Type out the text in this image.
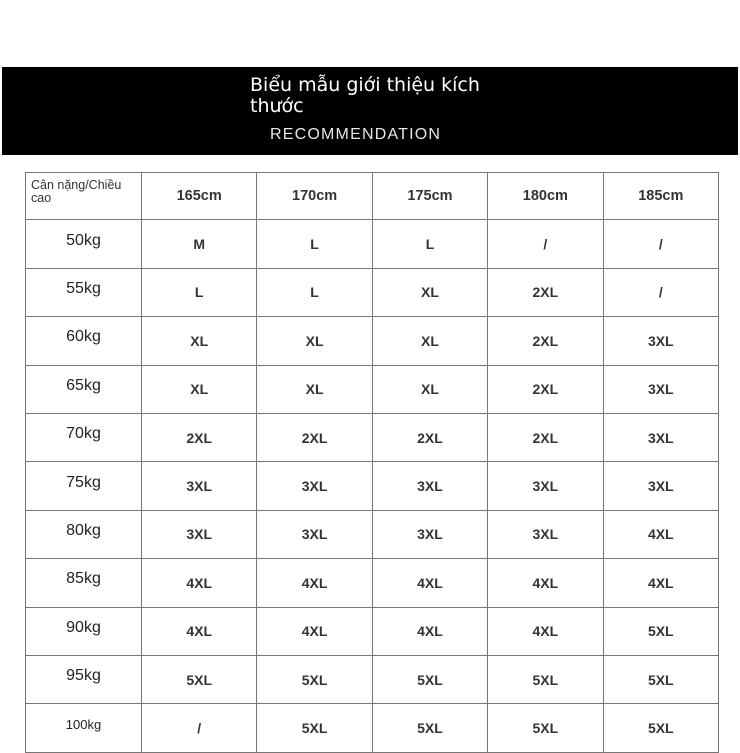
Biểu mẫu giới thiệu kích thước
RECOMMENDATION
Cân nặng/Chiều cao	165cm	170cm	175cm	180cm	185cm
50kg	M	L	L	/	/
55kg	L	L	XL	2XL	/
60kg	XL	XL	XL	2XL	3XL
65kg	XL	XL	XL	2XL	3XL
70kg	2XL	2XL	2XL	2XL	3XL
75kg	3XL	3XL	3XL	3XL	3XL
80kg	3XL	3XL	3XL	3XL	4XL
85kg	4XL	4XL	4XL	4XL	4XL
90kg	4XL	4XL	4XL	4XL	5XL
95kg	5XL	5XL	5XL	5XL	5XL
100kg	/	5XL	5XL	5XL	5XL
